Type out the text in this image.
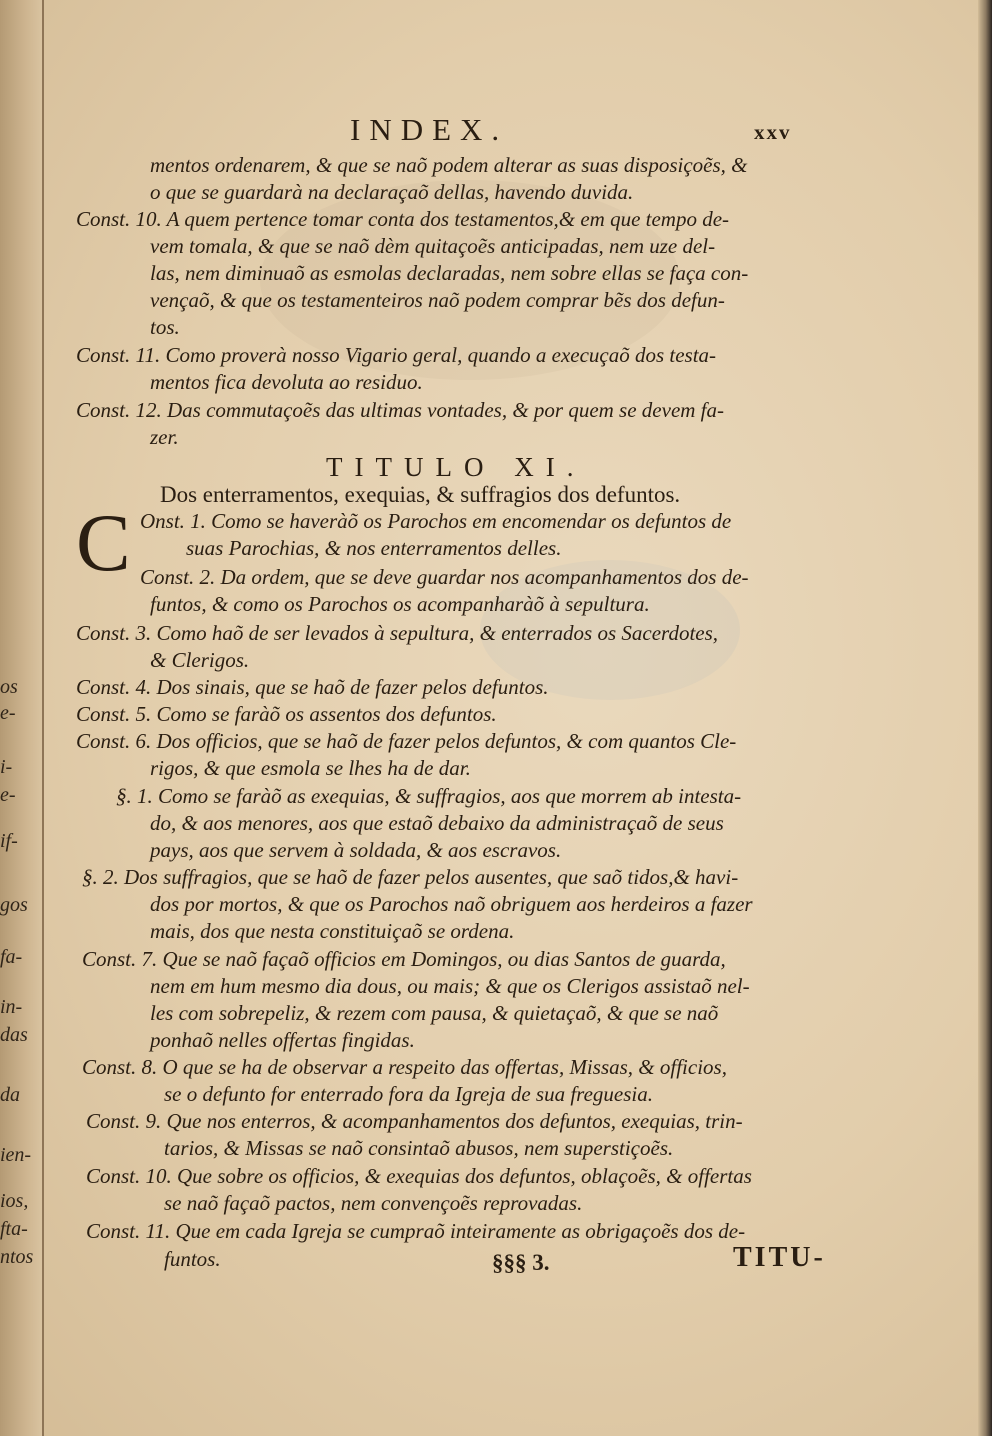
os
e-
i-
e-
if-
gos
fa-
in-
das
da
ien-
ios,
fta-
ntos
INDEX.	xxv
mentos ordenarem, & que se naõ podem alterar as suas disposiçoẽs, &
o que se guardarà na declaraçaõ dellas, havendo duvida.
Const. 10. A quem pertence tomar conta dos testamentos,& em que tempo de-
vem tomala, & que se naõ dèm quitaçoẽs anticipadas, nem uze del-
las, nem diminuaõ as esmolas declaradas, nem sobre ellas se faça con-
vençaõ, & que os testamenteiros naõ podem comprar bẽs dos defun-
tos.
Const. 11. Como proverà nosso Vigario geral, quando a execuçaõ dos testa-
mentos fica devoluta ao residuo.
Const. 12. Das commutaçoẽs das ultimas vontades, & por quem se devem fa-
zer.
TITULO XI.
Dos enterramentos, exequias, & suffragios dos defuntos.
C Onst. 1. Como se haveràõ os Parochos em encomendar os defuntos de
suas Parochias, & nos enterramentos delles.
Const. 2. Da ordem, que se deve guardar nos acompanhamentos dos de-
funtos, & como os Parochos os acompanharàõ à sepultura.
Const. 3. Como haõ de ser levados à sepultura, & enterrados os Sacerdotes,
& Clerigos.
Const. 4. Dos sinais, que se haõ de fazer pelos defuntos.
Const. 5. Como se faràõ os assentos dos defuntos.
Const. 6. Dos officios, que se haõ de fazer pelos defuntos, & com quantos Cle-
rigos, & que esmola se lhes ha de dar.
§. 1. Como se faràõ as exequias, & suffragios, aos que morrem ab intesta-
do, & aos menores, aos que estaõ debaixo da administraçaõ de seus
pays, aos que servem à soldada, & aos escravos.
§. 2. Dos suffragios, que se haõ de fazer pelos ausentes, que saõ tidos,& havi-
dos por mortos, & que os Parochos naõ obriguem aos herdeiros a fazer
mais, dos que nesta constituiçaõ se ordena.
Const. 7. Que se naõ façaõ officios em Domingos, ou dias Santos de guarda,
nem em hum mesmo dia dous, ou mais; & que os Clerigos assistaõ nel-
les com sobrepeliz, & rezem com pausa, & quietaçaõ, & que se naõ
ponhaõ nelles offertas fingidas.
Const. 8. O que se ha de observar a respeito das offertas, Missas, & officios,
se o defunto for enterrado fora da Igreja de sua freguesia.
Const. 9. Que nos enterros, & acompanhamentos dos defuntos, exequias, trin-
tarios, & Missas se naõ consintaõ abusos, nem superstiçoẽs.
Const. 10. Que sobre os officios, & exequias dos defuntos, oblaçoẽs, & offertas
se naõ façaõ pactos, nem convençoẽs reprovadas.
Const. 11. Que em cada Igreja se cumpraõ inteiramente as obrigaçoẽs dos de-
funtos.	§§§ 3.	TITU-
